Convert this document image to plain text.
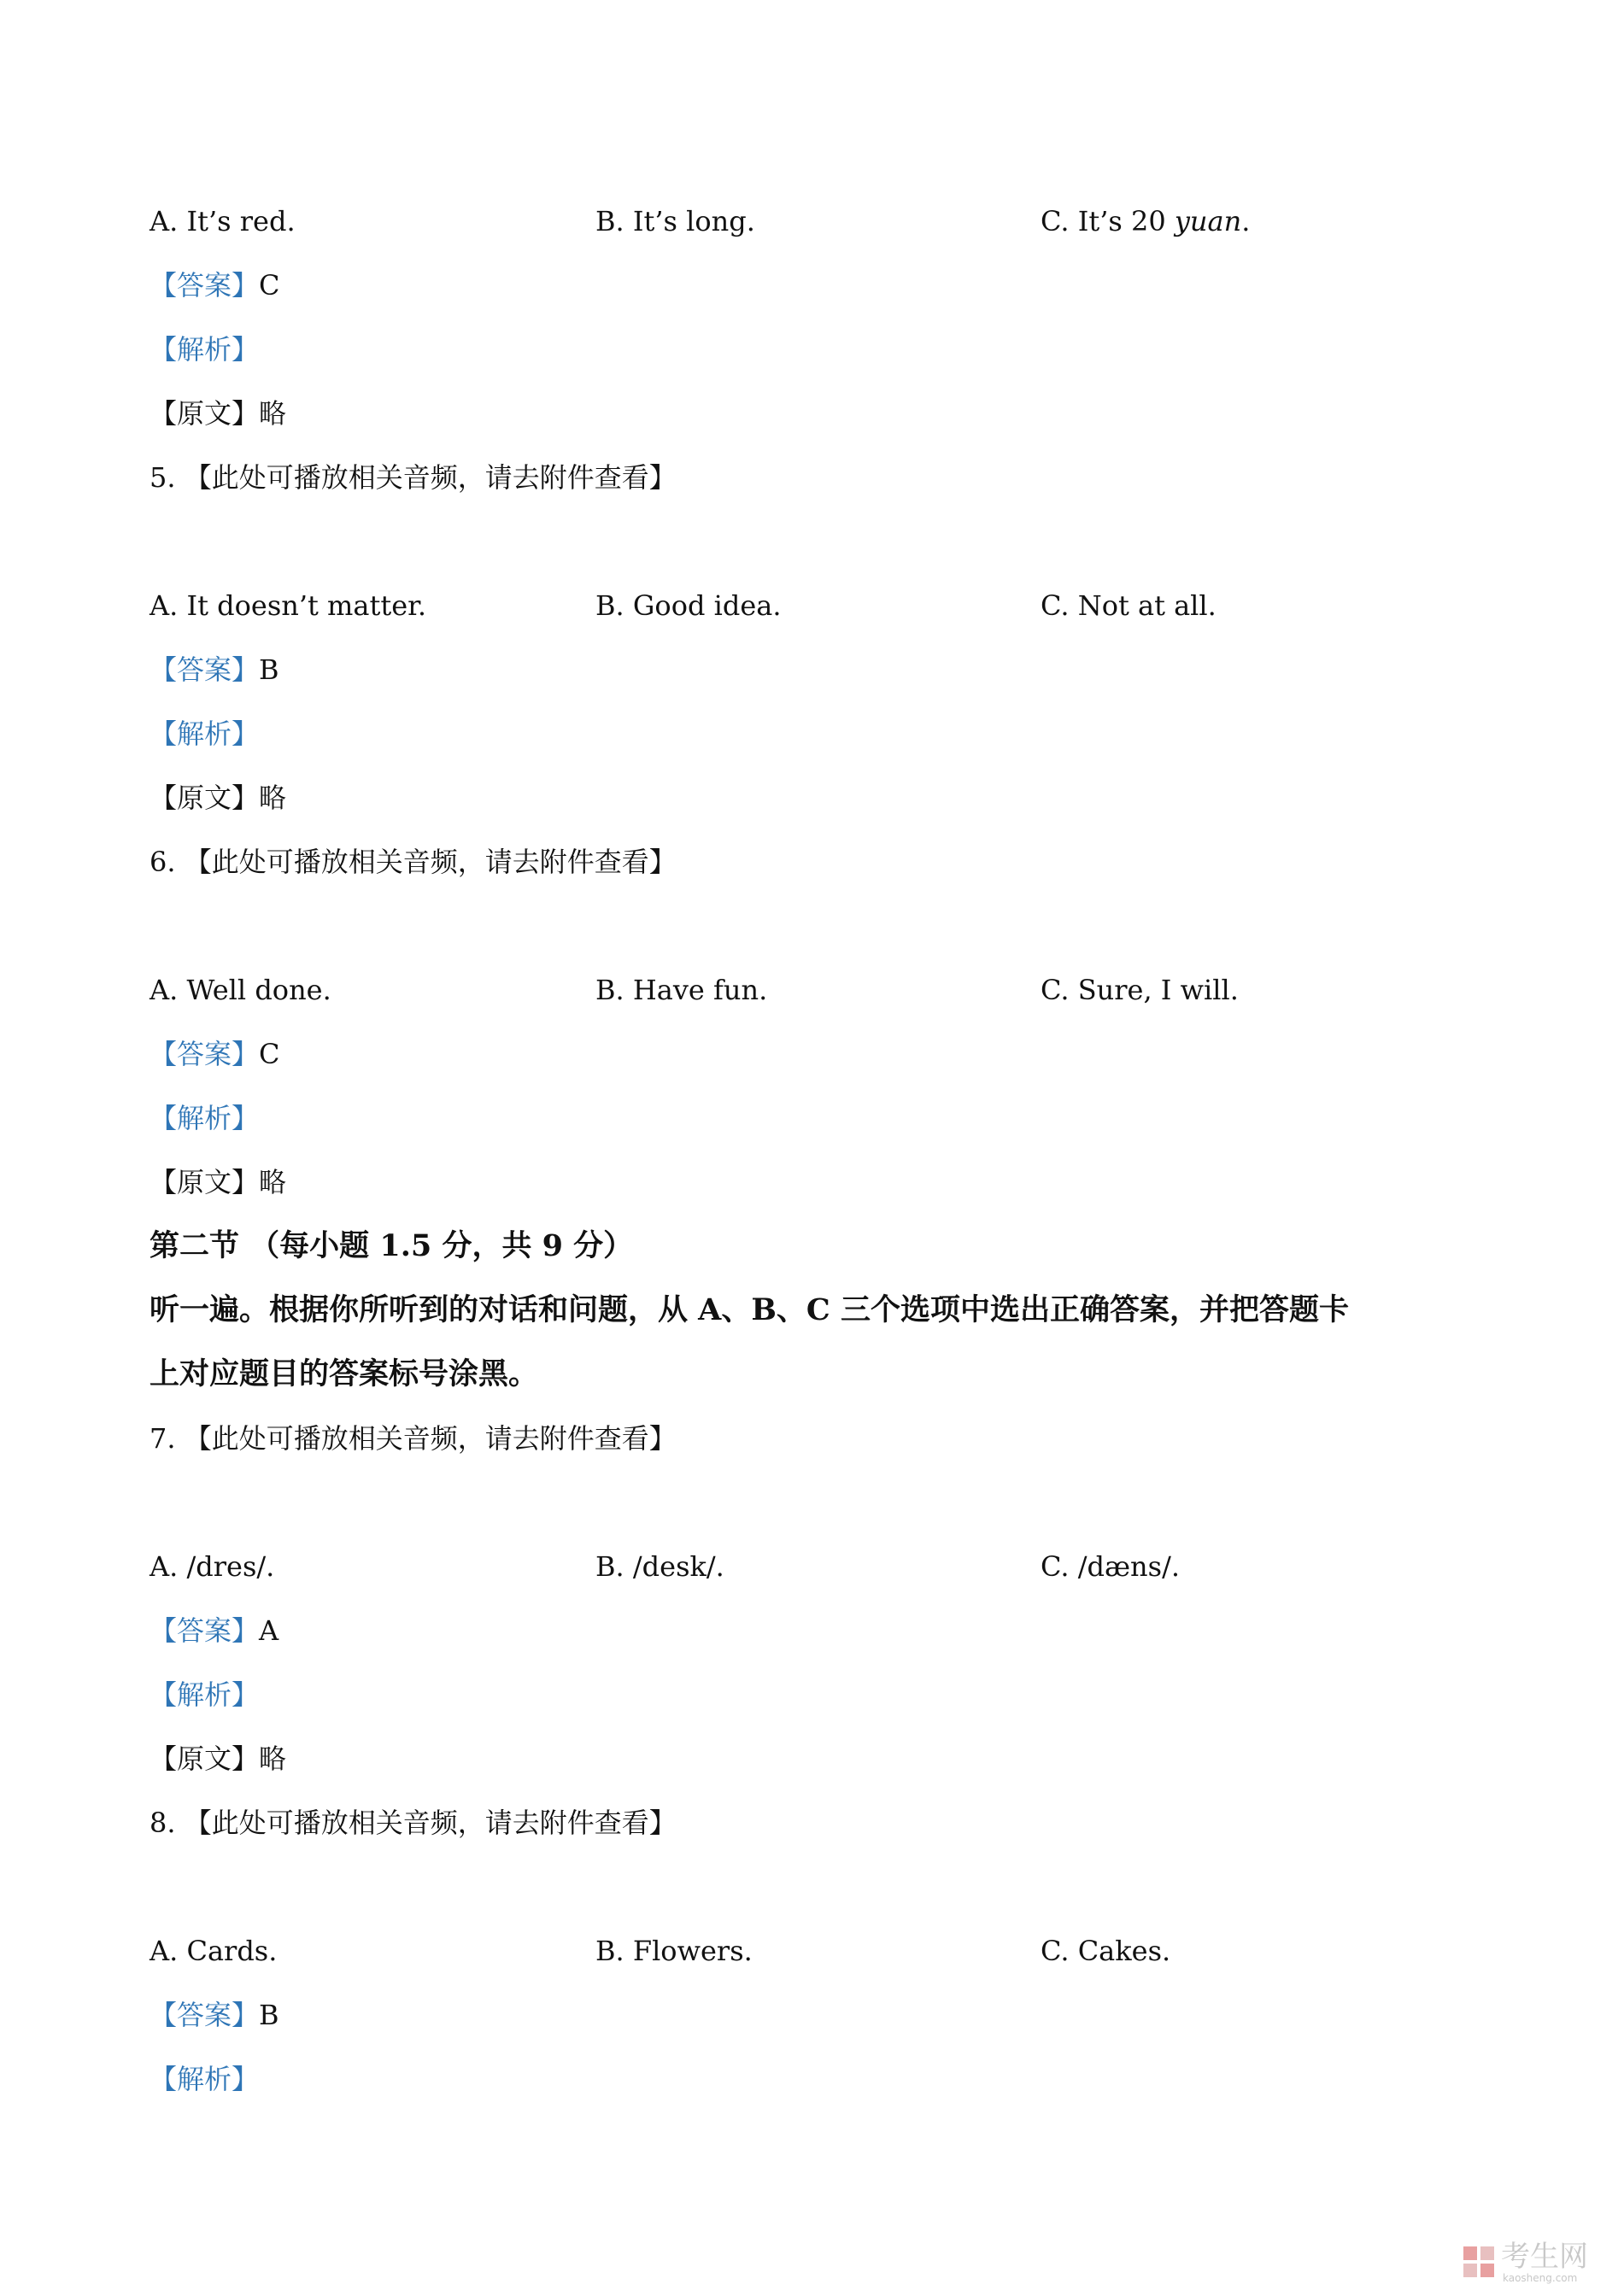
A. It’s red.	B. It’s long.	C. It’s 20 yuan.
【答案】C
【解析】
【原文】略
5. 【此处可播放相关音频，请去附件查看】
A. It doesn’t matter.	B. Good idea.	C. Not at all.
【答案】B
【解析】
【原文】略
6. 【此处可播放相关音频，请去附件查看】
A. Well done.	B. Have fun.	C. Sure, I will.
【答案】C
【解析】
【原文】略
第二节 （每小题 1.5 分，共 9 分）
听一遍。根据你所听到的对话和问题，从 A、B、C 三个选项中选出正确答案，并把答题卡
上对应题目的答案标号涂黑。
7. 【此处可播放相关音频，请去附件查看】
A. /dres/.	B. /desk/.	C. /dæns/.
【答案】A
【解析】
【原文】略
8. 【此处可播放相关音频，请去附件查看】
A. Cards.	B. Flowers.	C. Cakes.
【答案】B
【解析】
考生网
kaosheng.com
